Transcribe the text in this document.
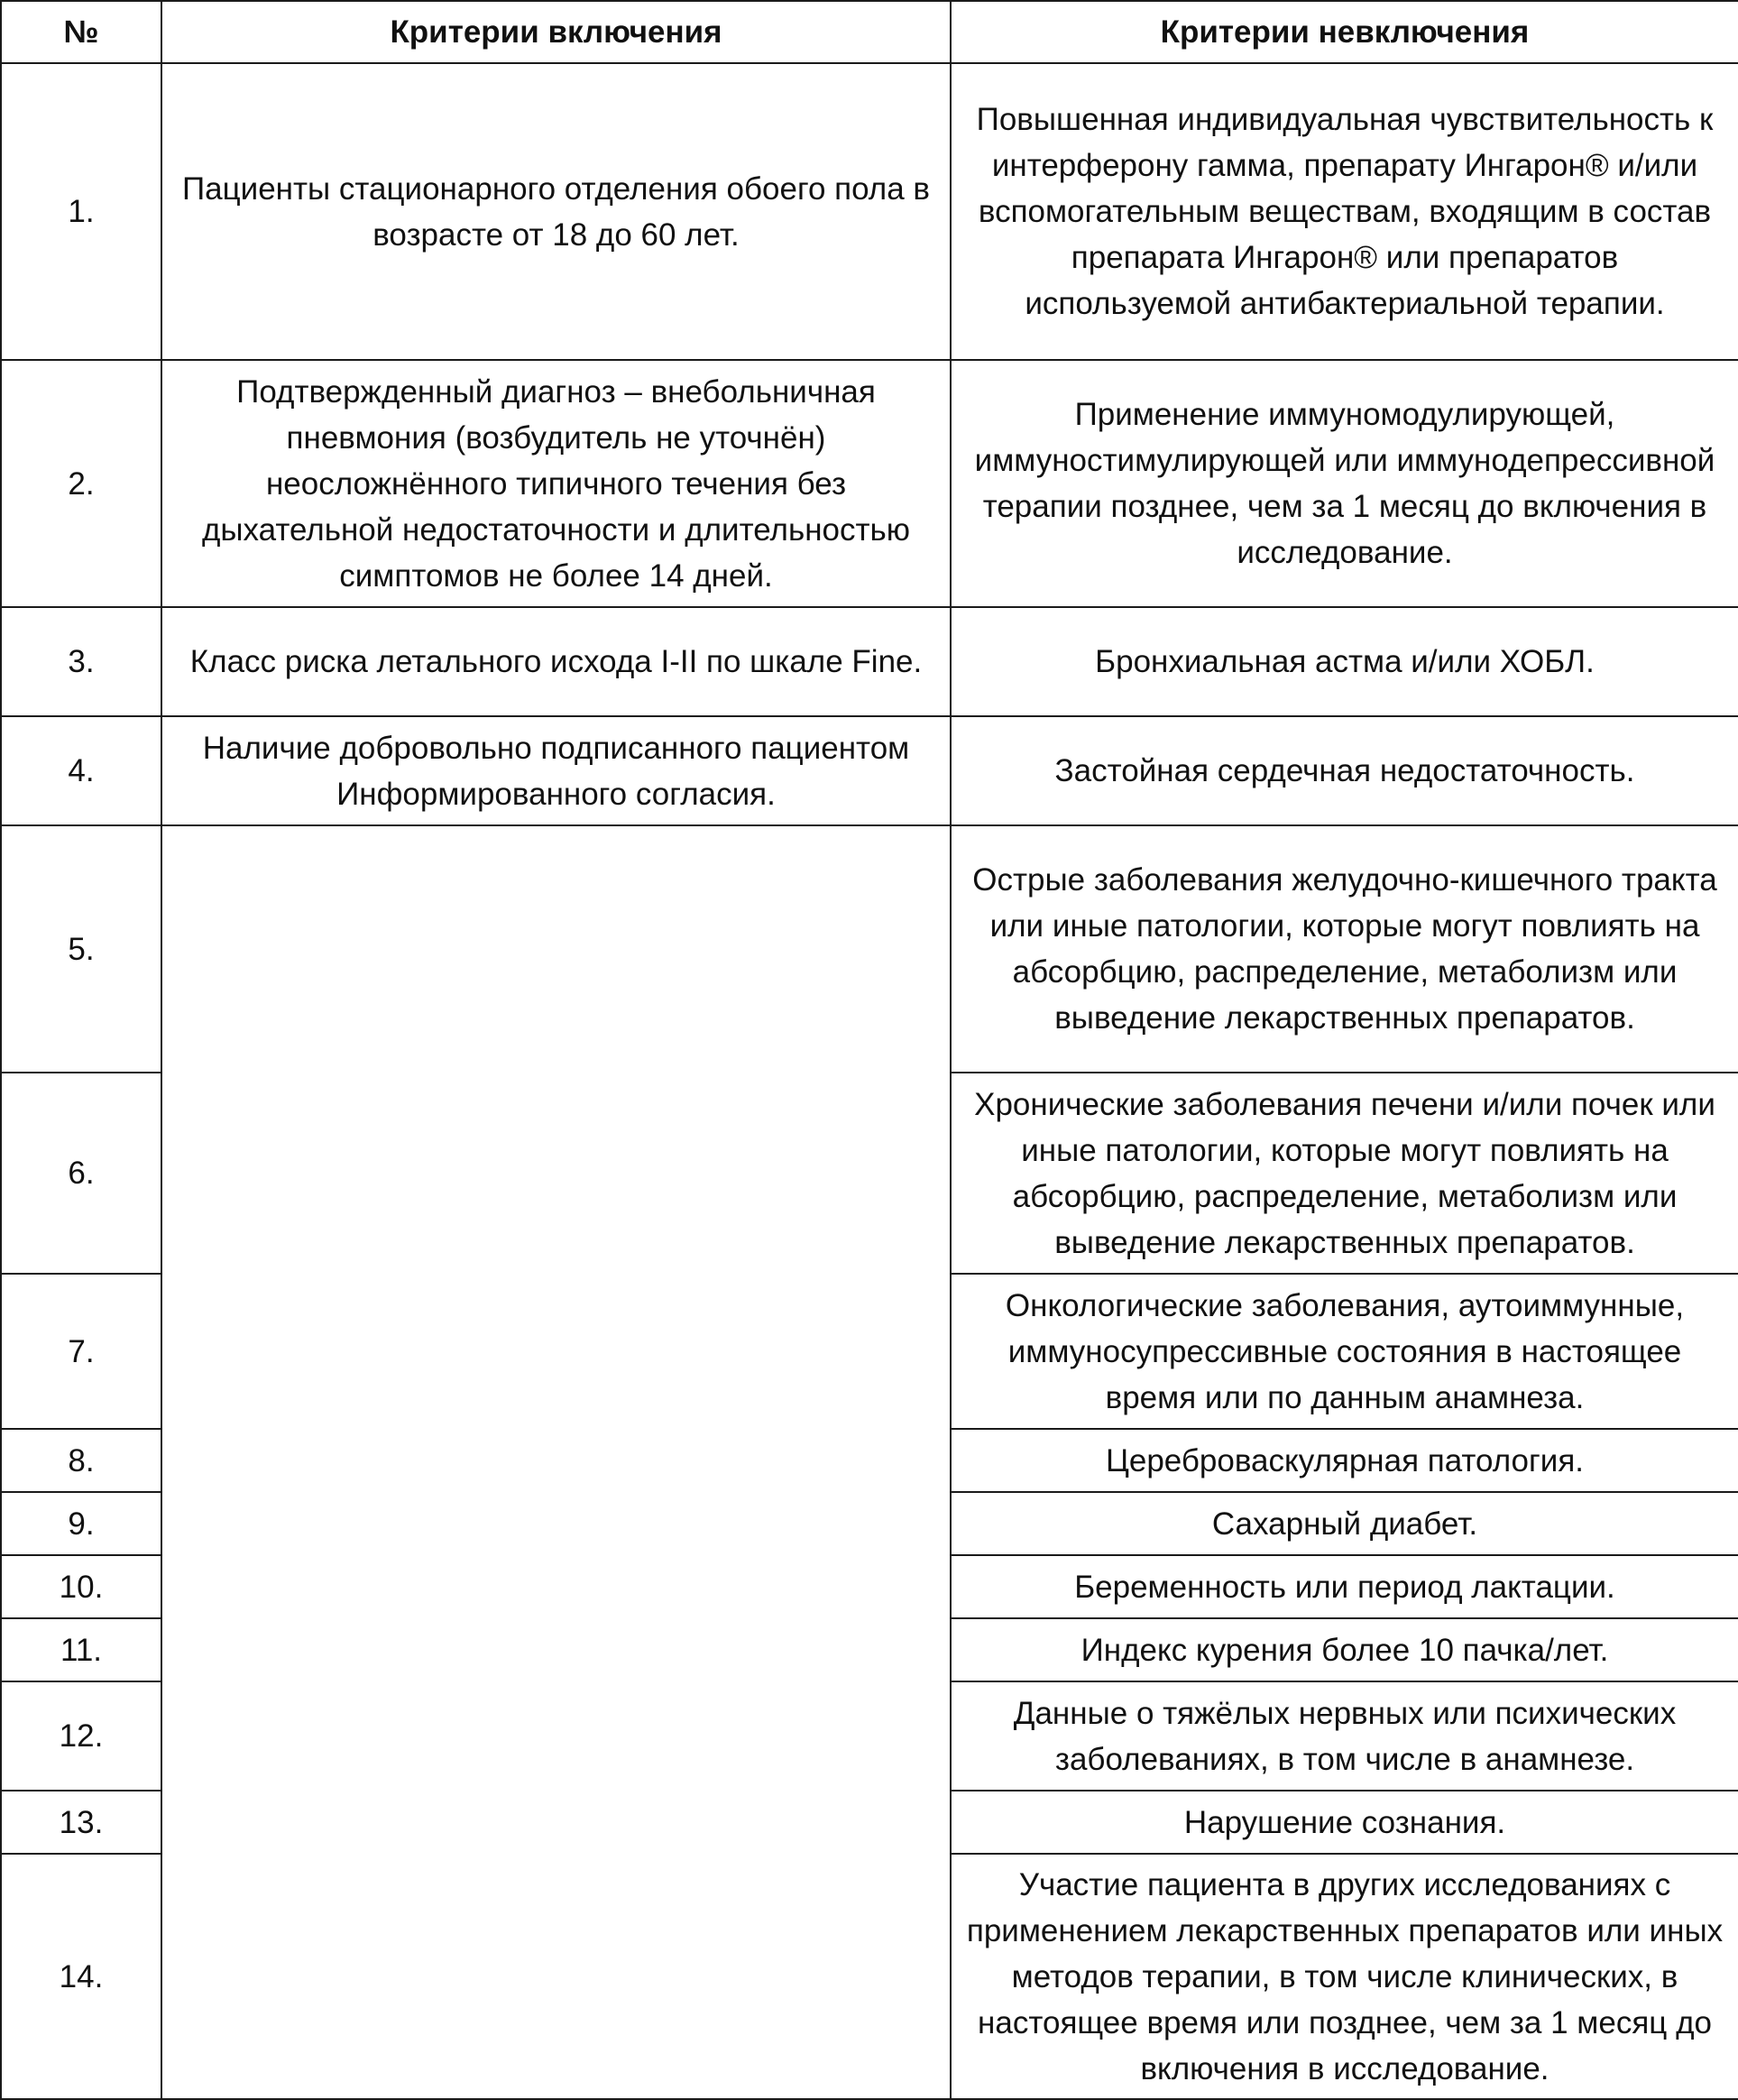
№	Критерии включения	Критерии невключения
1.	Пациенты стационарного отделения обоего пола в возрасте от 18 до 60 лет.	Повышенная индивидуальная чувствительность к интерферону гамма, препарату Ингарон® и/или вспомогательным веществам, входящим в состав препарата Ингарон® или препаратов используемой антибактериальной терапии.
2.	Подтвержденный диагноз – внебольничная пневмония (возбудитель не уточнён) неосложнённого типичного течения без дыхательной недостаточности и длительностью симптомов не более 14 дней.	Применение иммуномодулирующей, иммуностимулирующей или иммунодепрессивной терапии позднее, чем за 1 месяц до включения в исследование.
3.	Класс риска летального исхода I-II по шкале Fine.	Бронхиальная астма и/или ХОБЛ.
4.	Наличие добровольно подписанного пациентом Информированного согласия.	Застойная сердечная недостаточность.
5.		Острые заболевания желудочно-кишечного тракта или иные патологии, которые могут повлиять на абсорбцию, распределение, метаболизм или выведение лекарственных препаратов.
6.		Хронические заболевания печени и/или почек или иные патологии, которые могут повлиять на абсорбцию, распределение, метаболизм или выведение лекарственных препаратов.
7.		Онкологические заболевания, аутоиммунные, иммуносупрессивные состояния в настоящее время или по данным анамнеза.
8.		Цереброваскулярная патология.
9.		Сахарный диабет.
10.		Беременность или период лактации.
11.		Индекс курения более 10 пачка/лет.
12.		Данные о тяжёлых нервных или психических заболеваниях, в том числе в анамнезе.
13.		Нарушение сознания.
14.		Участие пациента в других исследованиях с применением лекарственных препаратов или иных методов терапии, в том числе клинических, в настоящее время или позднее, чем за 1 месяц до включения в исследование.
